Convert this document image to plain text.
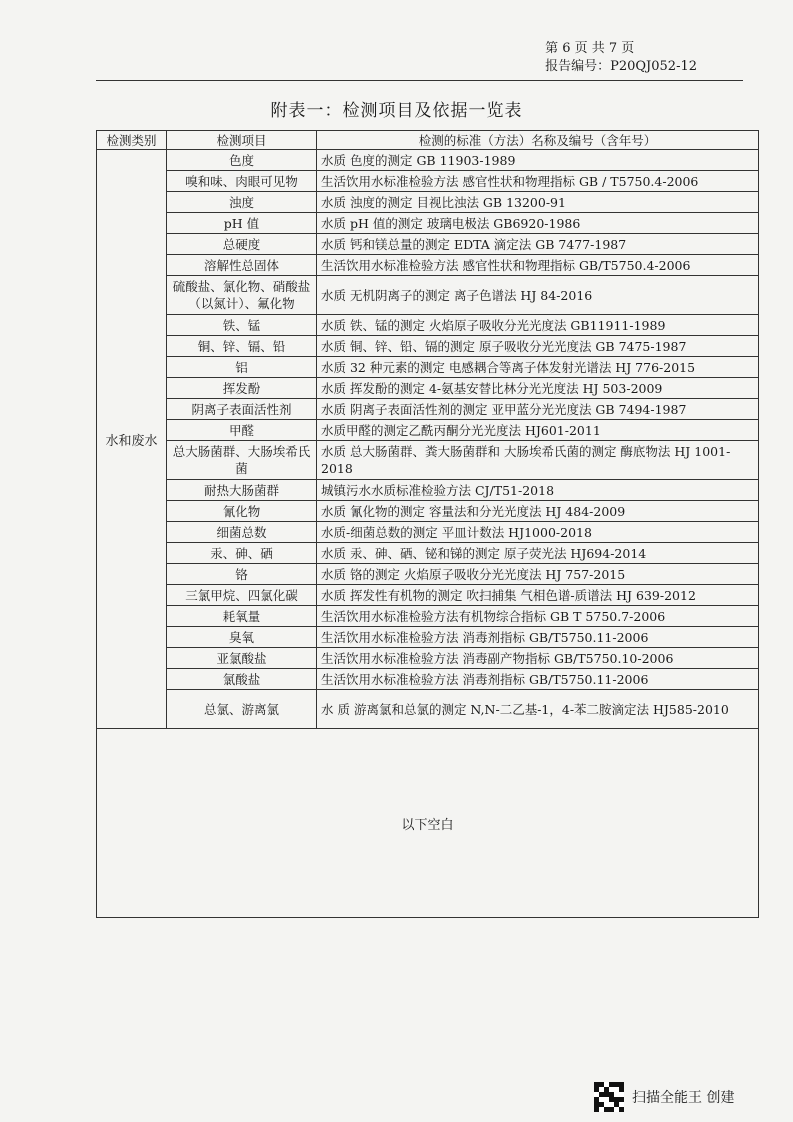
第 6 页 共 7 页
报告编号：P20QJ052-12
附表一：检测项目及依据一览表
检测类别	检测项目	检测的标准（方法）名称及编号（含年号）
水和废水	色度	水质 色度的测定 GB 11903-1989
	嗅和味、肉眼可见物	生活饮用水标准检验方法 感官性状和物理指标 GB / T5750.4-2006
	浊度	水质 浊度的测定 目视比浊法 GB 13200-91
	pH 值	水质 pH 值的测定 玻璃电极法 GB6920-1986
	总硬度	水质 钙和镁总量的测定 EDTA 滴定法 GB 7477-1987
	溶解性总固体	生活饮用水标准检验方法 感官性状和物理指标 GB/T5750.4-2006
	硫酸盐、氯化物、硝酸盐（以氮计）、氟化物	水质 无机阴离子的测定 离子色谱法 HJ 84-2016
	铁、锰	水质 铁、锰的测定 火焰原子吸收分光光度法 GB11911-1989
	铜、锌、镉、铅	水质 铜、锌、铅、镉的测定 原子吸收分光光度法 GB 7475-1987
	铝	水质 32 种元素的测定 电感耦合等离子体发射光谱法 HJ 776-2015
	挥发酚	水质 挥发酚的测定 4-氨基安替比林分光光度法 HJ 503-2009
	阴离子表面活性剂	水质 阴离子表面活性剂的测定 亚甲蓝分光光度法 GB 7494-1987
	甲醛	水质甲醛的测定乙酰丙酮分光光度法 HJ601-2011
	总大肠菌群、大肠埃希氏菌	水质 总大肠菌群、粪大肠菌群和 大肠埃希氏菌的测定 酶底物法 HJ 1001-2018
	耐热大肠菌群	城镇污水水质标准检验方法 CJ/T51-2018
	氰化物	水质 氰化物的测定 容量法和分光光度法 HJ 484-2009
	细菌总数	水质-细菌总数的测定 平皿计数法 HJ1000-2018
	汞、砷、硒	水质 汞、砷、硒、铋和锑的测定 原子荧光法 HJ694-2014
	铬	水质 铬的测定 火焰原子吸收分光光度法 HJ 757-2015
	三氯甲烷、四氯化碳	水质 挥发性有机物的测定 吹扫捕集 气相色谱-质谱法 HJ 639-2012
	耗氧量	生活饮用水标准检验方法有机物综合指标 GB T 5750.7-2006
	臭氧	生活饮用水标准检验方法 消毒剂指标 GB/T5750.11-2006
	亚氯酸盐	生活饮用水标准检验方法 消毒副产物指标 GB/T5750.10-2006
	氯酸盐	生活饮用水标准检验方法 消毒剂指标 GB/T5750.11-2006
	总氯、游离氯	水 质 游离氯和总氯的测定 N,N-二乙基-1，4-苯二胺滴定法 HJ585-2010
以下空白		
扫描全能王 创建
